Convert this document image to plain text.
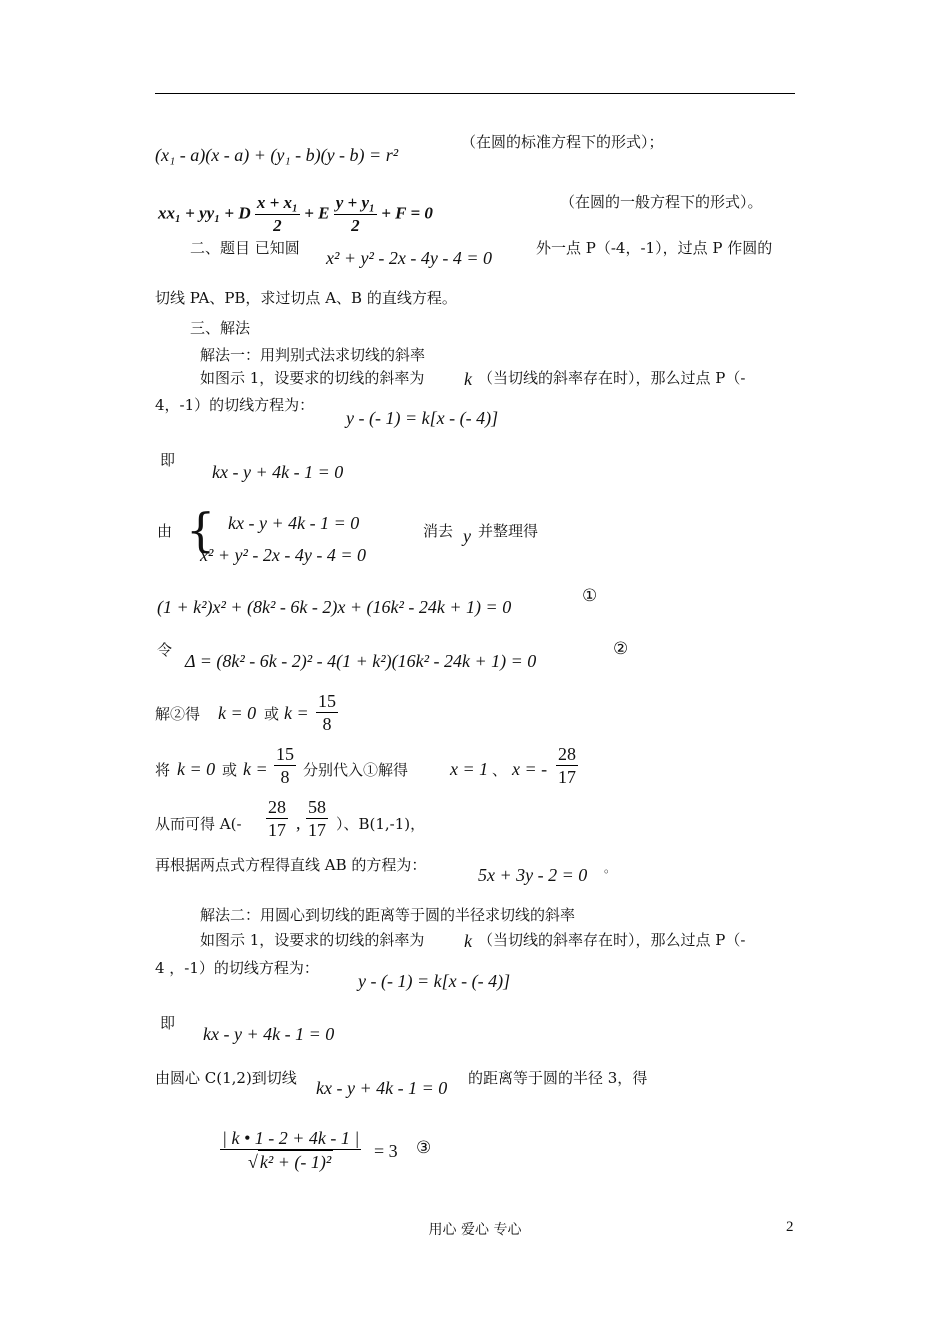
(x₁ - a)(x - a) + (y₁ - b)(y - b) = r²
（在圆的标准方程下的形式）；
xx₁ + yy₁ + D $\frac{\text{x + x₁}}{2} + E \frac{\text{y + y₁}}{2} + F = 0$
（在圆的一般方程下的形式）。
二、题目 已知圆 x² + y² - 2x - 4y - 4 = 0	外一点 P（-4，-1），过点 P 作圆的
切线 PA、PB，求过切点 A、B 的直线方程。
三、解法
解法一：用判别式法求切线的斜率
如图示 1，设要求的切线的斜率为 k （当切线的斜率存在时），那么过点 P（-
4，-1）的切线方程为：
y - (- 1) = k[x - (- 4)]
即
kx - y + 4k - 1 = 0
由 { kx - y + 4k - 1 = 0
x² + y² - 2x - 4y - 4 = 0
消去 y 并整理得
(1 + k²)x² + (8k² - 6k - 2)x + (16k² - 24k + 1) = 0
①
令
Δ = (8k² - 6k - 2)² - 4(1 + k²)(16k² - 24k + 1) = 0
②
解②得 k = 0 或 $k = \frac{15}{8}$
将 k = 0 或 $k = \frac{15}{8}$ 分别代入①解得 x = 1 、 x = - $\frac{28}{17}$
从而可得 $A(- \frac{28}{17}$ , $\frac{58}{17}$ ）、B(1,-1)，
再根据两点式方程得直线 AB 的方程为：	5x + 3y - 2 = 0 。
解法二：用圆心到切线的距离等于圆的半径求切线的斜率
如图示 1，设要求的切线的斜率为 k （当切线的斜率存在时），那么过点 P（-
4 ，-1）的切线方程为：
y - (- 1) = k[x - (- 4)]
即
kx - y + 4k - 1 = 0
由圆心 C(1,2)到切线 kx - y + 4k - 1 = 0 的距离等于圆的半径 3，得
$\frac{| k • 1 - 2 + 4k - 1 |}{\text{√ k² + (- 1)²}} = 3$ ③
用心 爱心 专心	2
